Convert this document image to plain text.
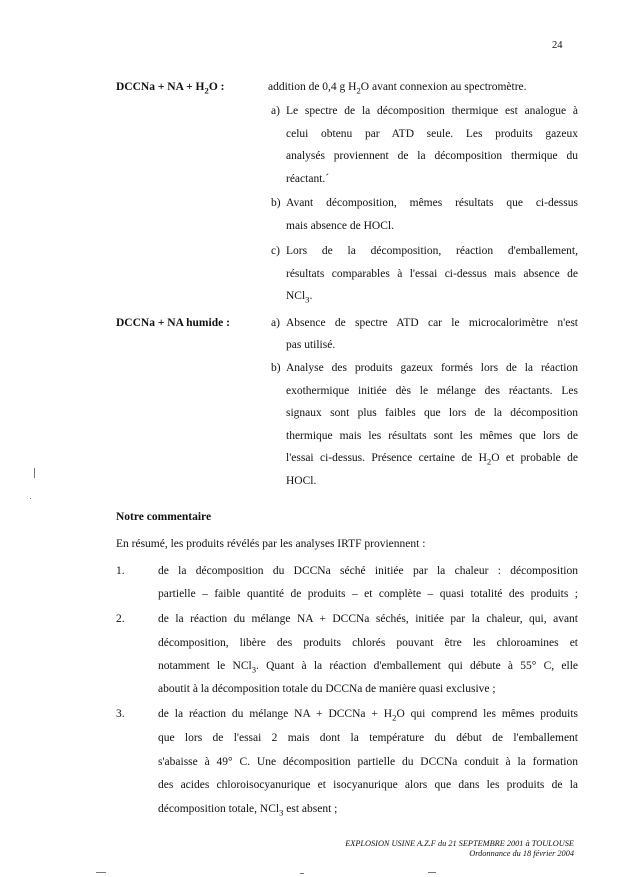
24
DCCNa + NA + $H_2O$ :	addition de 0,4 g $H_2O$ avant connexion au spectromètre.
a) Le spectre de la décomposition thermique est analogue à
celui obtenu par ATD seule. Les produits gazeux
analysés proviennent de la décomposition thermique du
réactant.´
b) Avant décomposition, mêmes résultats que ci-dessus
mais absence de HOCl.
c) Lors de la décomposition, réaction d'emballement,
résultats comparables à l'essai ci-dessus mais absence de
NCl$_3$.
DCCNa + NA humide :	a) Absence de spectre ATD car le microcalorimètre n'est
pas utilisé.
b) Analyse des produits gazeux formés lors de la réaction
exothermique initiée dès le mélange des réactants. Les
signaux sont plus faibles que lors de la décomposition
thermique mais les résultats sont les mêmes que lors de
l'essai ci-dessus. Présence certaine de $H_2O$ et probable de
HOCl.
Notre commentaire
En résumé, les produits révélés par les analyses IRTF proviennent :
1.	de la décomposition du DCCNa séché initiée par la chaleur : décomposition
partielle – faible quantité de produits – et complète – quasi totalité des produits ;
2.	de la réaction du mélange NA + DCCNa séchés, initiée par la chaleur, qui, avant
décomposition, libère des produits chlorés pouvant être les chloroamines et
notamment le NCl$_3$. Quant à la réaction d'emballement qui débute à 55° C, elle
aboutit à la décomposition totale du DCCNa de manière quasi exclusive ;
3.	de la réaction du mélange NA + DCCNa + $H_2O$ qui comprend les mêmes produits
que lors de l'essai 2 mais dont la température du début de l'emballement
s'abaisse à 49° C. Une décomposition partielle du DCCNa conduit à la formation
des acides chloroisocyanurique et isocyanurique alors que dans les produits de la
décomposition totale, NCl$_3$ est absent ;
EXPLOSION USINE A.Z.F du 21 SEPTEMBRE 2001 à TOULOUSE
Ordonnance du 18 février 2004
